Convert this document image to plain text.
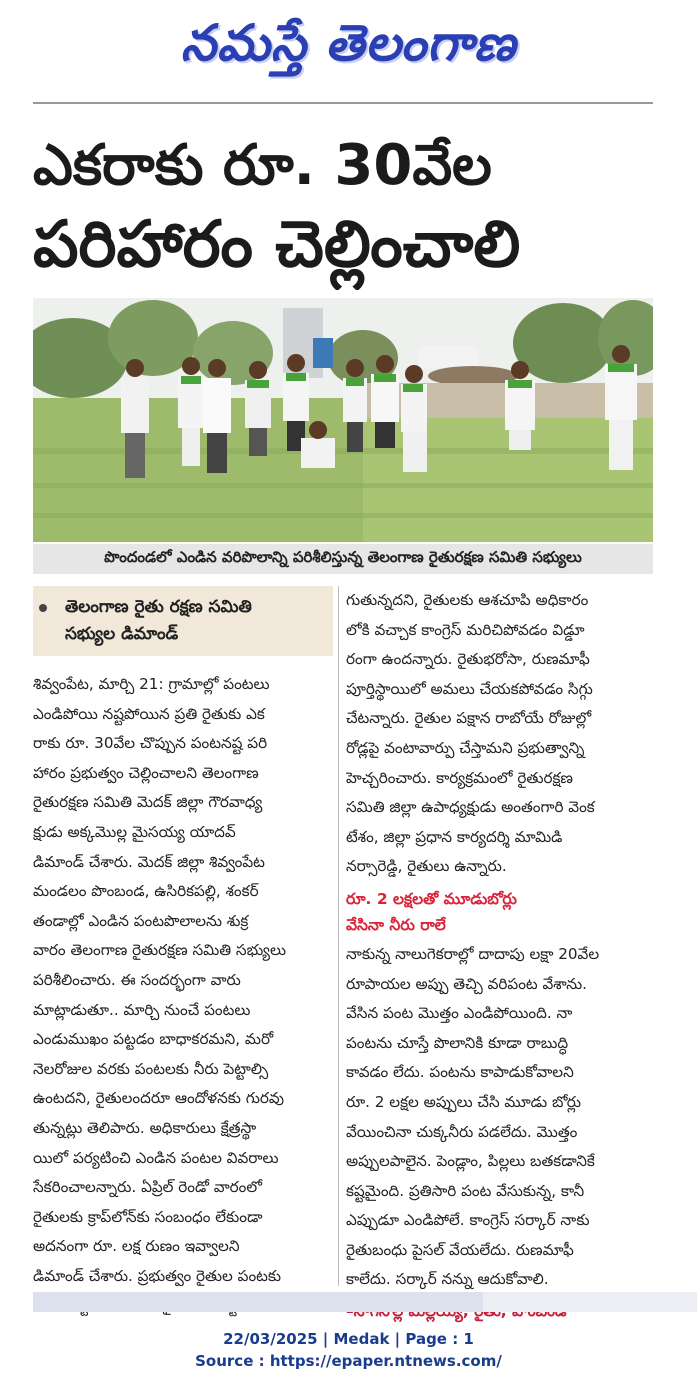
నమస్తే తెలంగాణ
ఎకరాకు రూ. 30వేల
పరిహారం చెల్లించాలి
పొందండలో ఎండిన వరిపొలాన్ని పరిశీలిస్తున్న తెలంగాణ రైతురక్షణ సమితి సభ్యులు
తెలంగాణ రైతు రక్షణ సమితి
సభ్యుల డిమాండ్
శివ్వంపేట, మార్చి 21: గ్రామాల్లో పంటలు
ఎండిపోయి నష్టపోయిన ప్రతి రైతుకు ఎక
రాకు రూ. 30వేల చొప్పున పంటనష్ట పరి
హారం ప్రభుత్వం చెల్లించాలని తెలంగాణ
రైతురక్షణ సమితి మెదక్ జిల్లా గౌరవాధ్య
క్షుడు అక్కమొల్ల మైసయ్య యాదవ్
డిమాండ్ చేశారు. మెదక్ జిల్లా శివ్వంపేట
మండలం పొంబండ, ఉసిరికపల్లి, శంకర్
తండాల్లో ఎండిన పంటపొలాలను శుక్ర
వారం తెలంగాణ రైతురక్షణ సమితి సభ్యులు
పరిశీలించారు. ఈ సందర్భంగా వారు
మాట్లాడుతూ.. మార్చి నుంచే పంటలు
ఎండుముఖం పట్టడం బాధాకరమని, మరో
నెలరోజుల వరకు పంటలకు నీరు పెట్టాల్సి
ఉంటదని, రైతులందరూ ఆందోళనకు గురవు
తున్నట్లు తెలిపారు. అధికారులు క్షేత్రస్థా
యిలో పర్యటించి ఎండిన పంటల వివరాలు
సేకరించాలన్నారు. ఏప్రిల్ రెండో వారంలో
రైతులకు క్రాప్‌లోన్‌కు సంబంధం లేకుండా
అదనంగా రూ. లక్ష రుణం ఇవ్వాలని
డిమాండ్ చేశారు. ప్రభుత్వం రైతుల పంటకు
గుతున్నదని, రైతులకు ఆశచూపి అధికారం
లోకి వచ్చాక కాంగ్రెస్ మరిచిపోవడం విడ్డూ
రంగా ఉందన్నారు. రైతుభరోసా, రుణమాఫీ
పూర్తిస్థాయిలో అమలు చేయకపోవడం సిగ్గు
చేటన్నారు. రైతుల పక్షాన రాబోయే రోజుల్లో
రోడ్లపై వంటావార్పు చేస్తామని ప్రభుత్వాన్ని
హెచ్చరించారు. కార్యక్రమంలో రైతురక్షణ
సమితి జిల్లా ఉపాధ్యక్షుడు అంతంగారి వెంక
టేశం, జిల్లా ప్రధాన కార్యదర్శి మామిడి
నర్సారెడ్డి, రైతులు ఉన్నారు.
రూ. 2 లక్షలతో మూడుబోర్లు
వేసినా నీరు రాలే
నాకున్న నాలుగెకరాల్లో దాదాపు లక్షా 20వేల
రూపాయల అప్పు తెచ్చి వరిపంట వేశాను.
వేసిన పంట మొత్తం ఎండిపోయింది. నా
పంటను చూస్తే పొలానికి కూడా రాబుద్ధి
కావడం లేదు. పంటను కాపాడుకోవాలని
రూ. 2 లక్షల అప్పులు చేసి మూడు బోర్లు
వేయించినా చుక్కనీరు పడలేదు. మొత్తం
అప్పులపాలైన. పెండ్లాం, పిల్లలు బతకడానికే
కష్టమైంది. ప్రతిసారి పంట వేసుకున్న, కానీ
ఎప్పుడూ ఎండిపోలే. కాంగ్రెస్ సర్కార్ నాకు
రైతుబంధు పైసల్ వేయలేదు. రుణమాఫీ
కాలేదు. సర్కార్ నన్ను ఆదుకోవాలి.
22/03/2025 | Medak | Page : 1
Source : https://epaper.ntnews.com/
